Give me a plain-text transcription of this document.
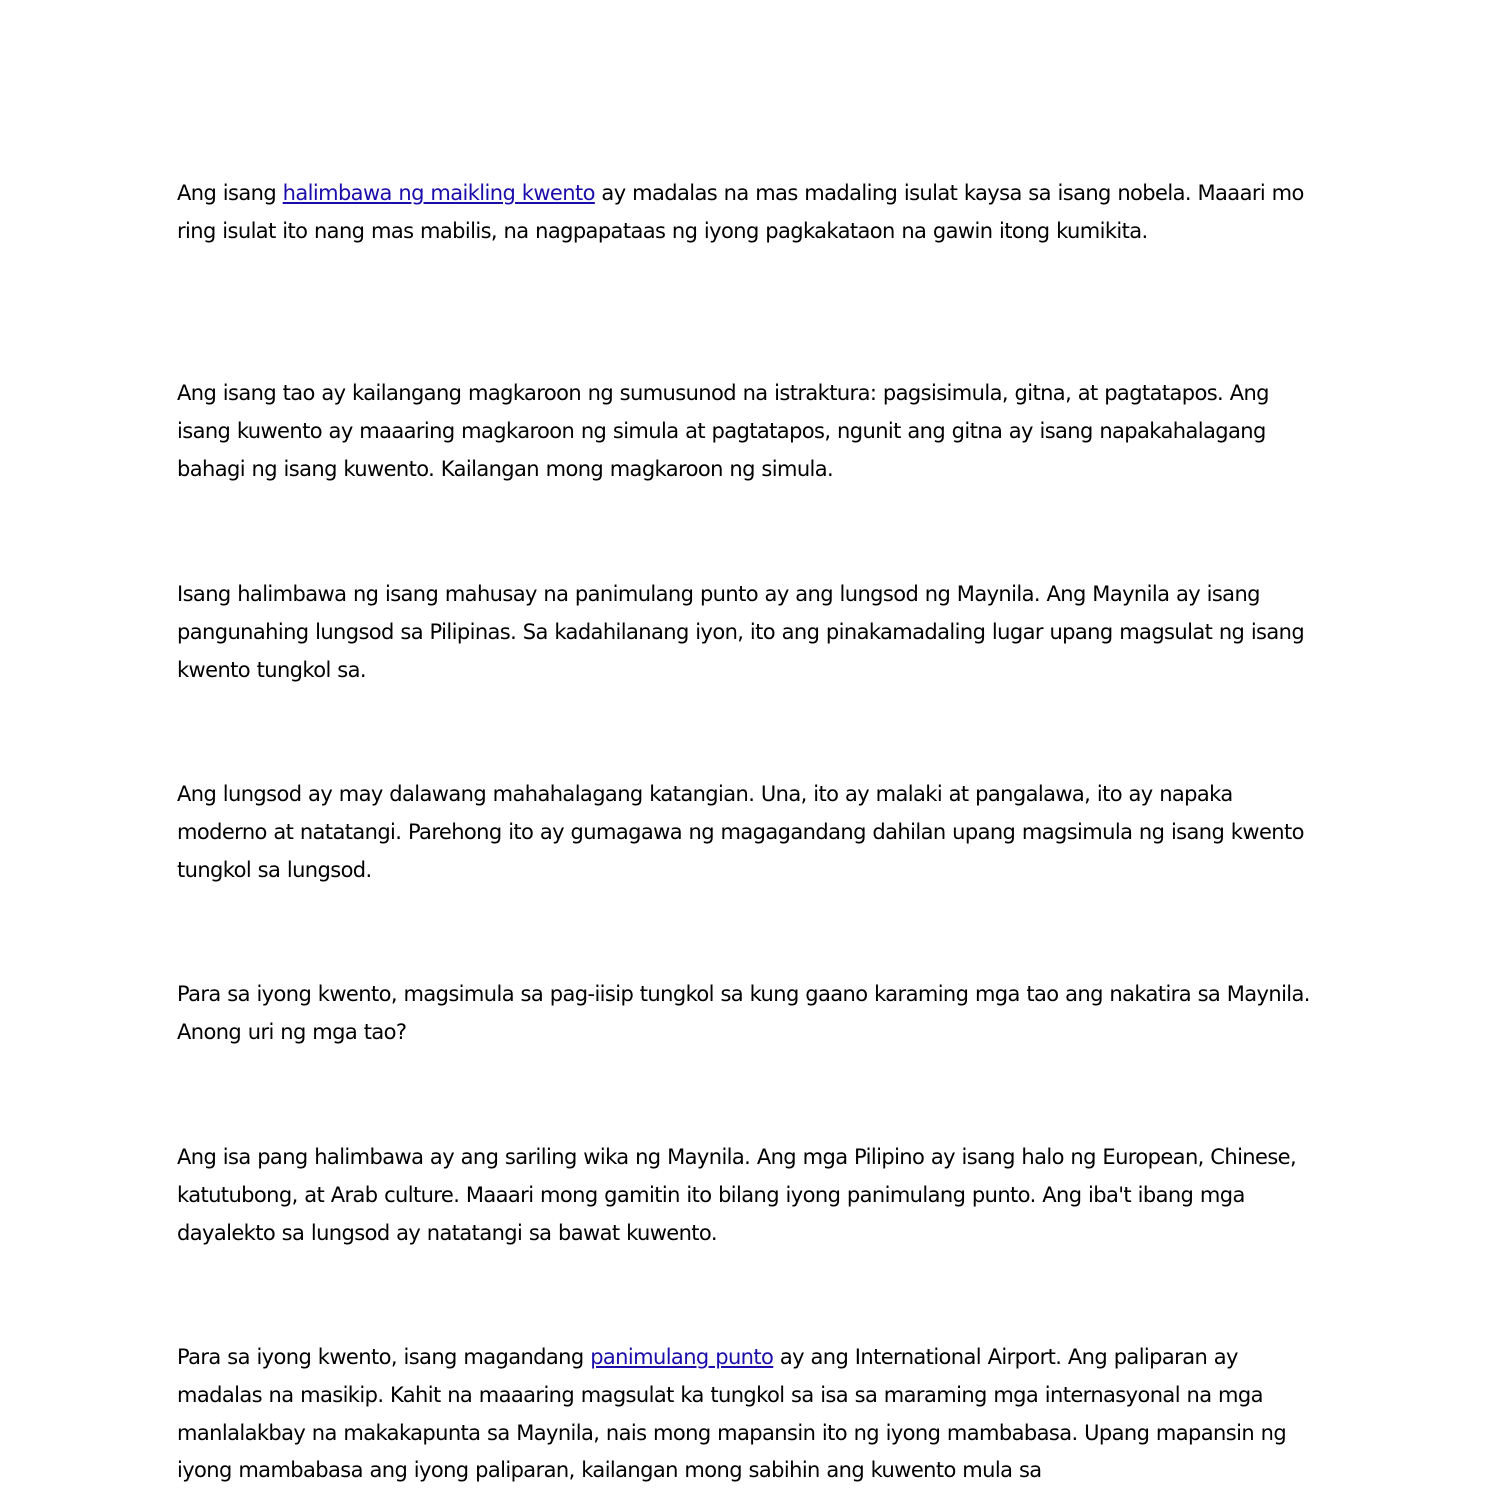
Ang isang halimbawa ng maikling kwento ay madalas na mas madaling isulat kaysa sa isang nobela. Maaari mo ring isulat ito nang mas mabilis, na nagpapataas ng iyong pagkakataon na gawin itong kumikita.

Ang isang tao ay kailangang magkaroon ng sumusunod na istraktura: pagsisimula, gitna, at pagtatapos. Ang isang kuwento ay maaaring magkaroon ng simula at pagtatapos, ngunit ang gitna ay isang napakahalagang bahagi ng isang kuwento. Kailangan mong magkaroon ng simula.

Isang halimbawa ng isang mahusay na panimulang punto ay ang lungsod ng Maynila. Ang Maynila ay isang pangunahing lungsod sa Pilipinas. Sa kadahilanang iyon, ito ang pinakamadaling lugar upang magsulat ng isang kwento tungkol sa.

Ang lungsod ay may dalawang mahahalagang katangian. Una, ito ay malaki at pangalawa, ito ay napaka moderno at natatangi. Parehong ito ay gumagawa ng magagandang dahilan upang magsimula ng isang kwento tungkol sa lungsod.

Para sa iyong kwento, magsimula sa pag-iisip tungkol sa kung gaano karaming mga tao ang nakatira sa Maynila. Anong uri ng mga tao?

Ang isa pang halimbawa ay ang sariling wika ng Maynila. Ang mga Pilipino ay isang halo ng European, Chinese, katutubong, at Arab culture. Maaari mong gamitin ito bilang iyong panimulang punto. Ang iba't ibang mga dayalekto sa lungsod ay natatangi sa bawat kuwento.

Para sa iyong kwento, isang magandang panimulang punto ay ang International Airport. Ang paliparan ay madalas na masikip. Kahit na maaaring magsulat ka tungkol sa isa sa maraming mga internasyonal na mga manlalakbay na makakapunta sa Maynila, nais mong mapansin ito ng iyong mambabasa. Upang mapansin ng iyong mambabasa ang iyong paliparan, kailangan mong sabihin ang kuwento mula sa
